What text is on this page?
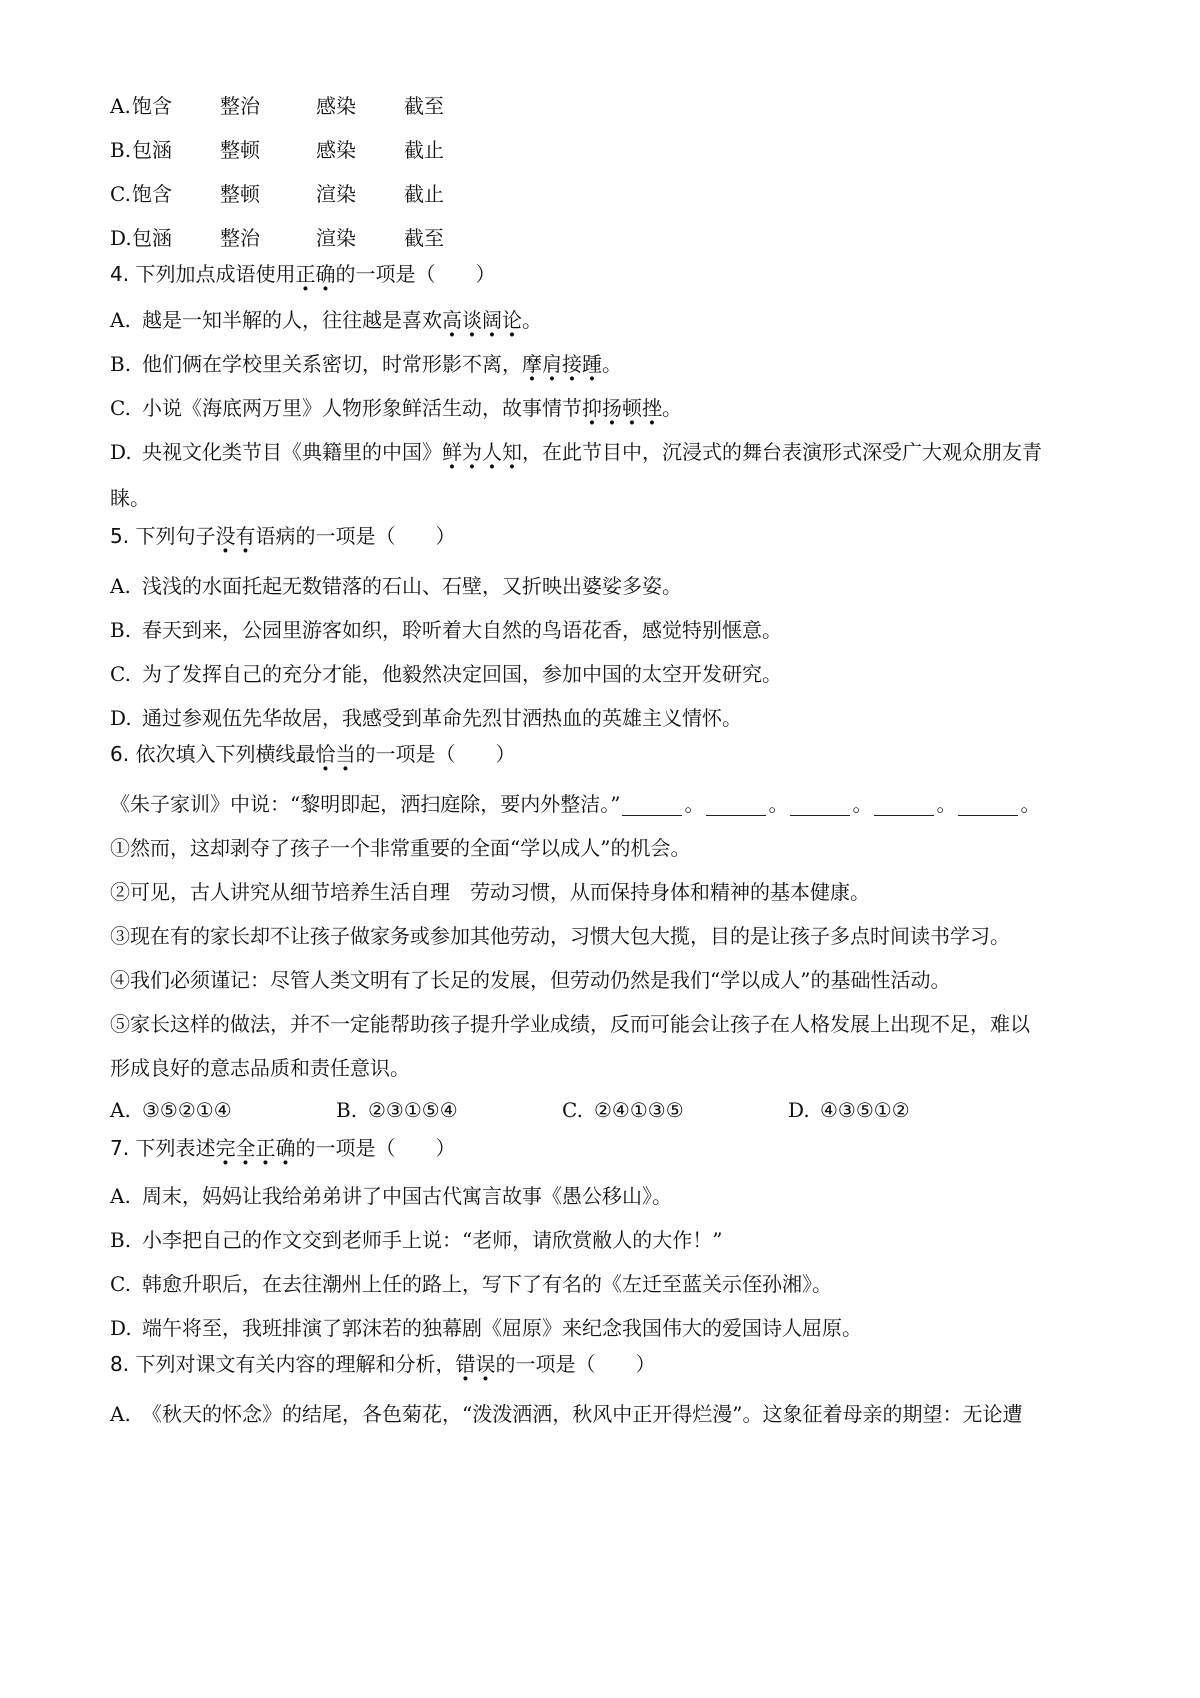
A. 饱含 整治	感染 截至
B. 包涵 整顿	感染 截止
C. 饱含 整顿	渲染 截止
D. 包涵 整治	渲染 截至
4. 下列加点成语使用正确的一项是（　　）
A. 越是一知半解的人，往往越是喜欢高谈阔论。
B. 他们俩在学校里关系密切，时常形影不离，摩肩接踵。
C. 小说《海底两万里》人物形象鲜活生动，故事情节抑扬顿挫。
D. 央视文化类节目《典籍里的中国》鲜为人知，在此节目中，沉浸式的舞台表演形式深受广大观众朋友青
睐。
5. 下列句子没有语病的一项是（　　）
A. 浅浅的水面托起无数错落的石山、石壁，又折映出婆娑多姿。
B. 春天到来，公园里游客如织，聆听着大自然的鸟语花香，感觉特别惬意。
C. 为了发挥自己的充分才能，他毅然决定回国，参加中国的太空开发研究。
D. 通过参观伍先华故居，我感受到革命先烈甘洒热血的英雄主义情怀。
6. 依次填入下列横线最恰当的一项是（　　）
《朱子家训》中说：“黎明即起，洒扫庭除，要内外整洁。”	。	。	。	。	。
①然而，这却剥夺了孩子一个非常重要的全面“学以成人”的机会。
②可见，古人讲究从细节培养生活自理　劳动习惯，从而保持身体和精神的基本健康。
③现在有的家长却不让孩子做家务或参加其他劳动，习惯大包大揽，目的是让孩子多点时间读书学习。
④我们必须谨记：尽管人类文明有了长足的发展，但劳动仍然是我们“学以成人”的基础性活动。
⑤家长这样的做法，并不一定能帮助孩子提升学业成绩，反而可能会让孩子在人格发展上出现不足，难以
形成良好的意志品质和责任意识。
A. ③⑤②①④	B. ②③①⑤④	C. ②④①③⑤	D. ④③⑤①②
7. 下列表述完全正确的一项是（　　）
A. 周末，妈妈让我给弟弟讲了中国古代寓言故事《愚公移山》。
B. 小李把自己的作文交到老师手上说：“老师，请欣赏敝人的大作！”
C. 韩愈升职后，在去往潮州上任的路上，写下了有名的《左迁至蓝关示侄孙湘》。
D. 端午将至，我班排演了郭沫若的独幕剧《屈原》来纪念我国伟大的爱国诗人屈原。
8. 下列对课文有关内容的理解和分析，错误的一项是（　　）
A. 《秋天的怀念》的结尾，各色菊花，“泼泼洒洒，秋风中正开得烂漫”。这象征着母亲的期望：无论遭
